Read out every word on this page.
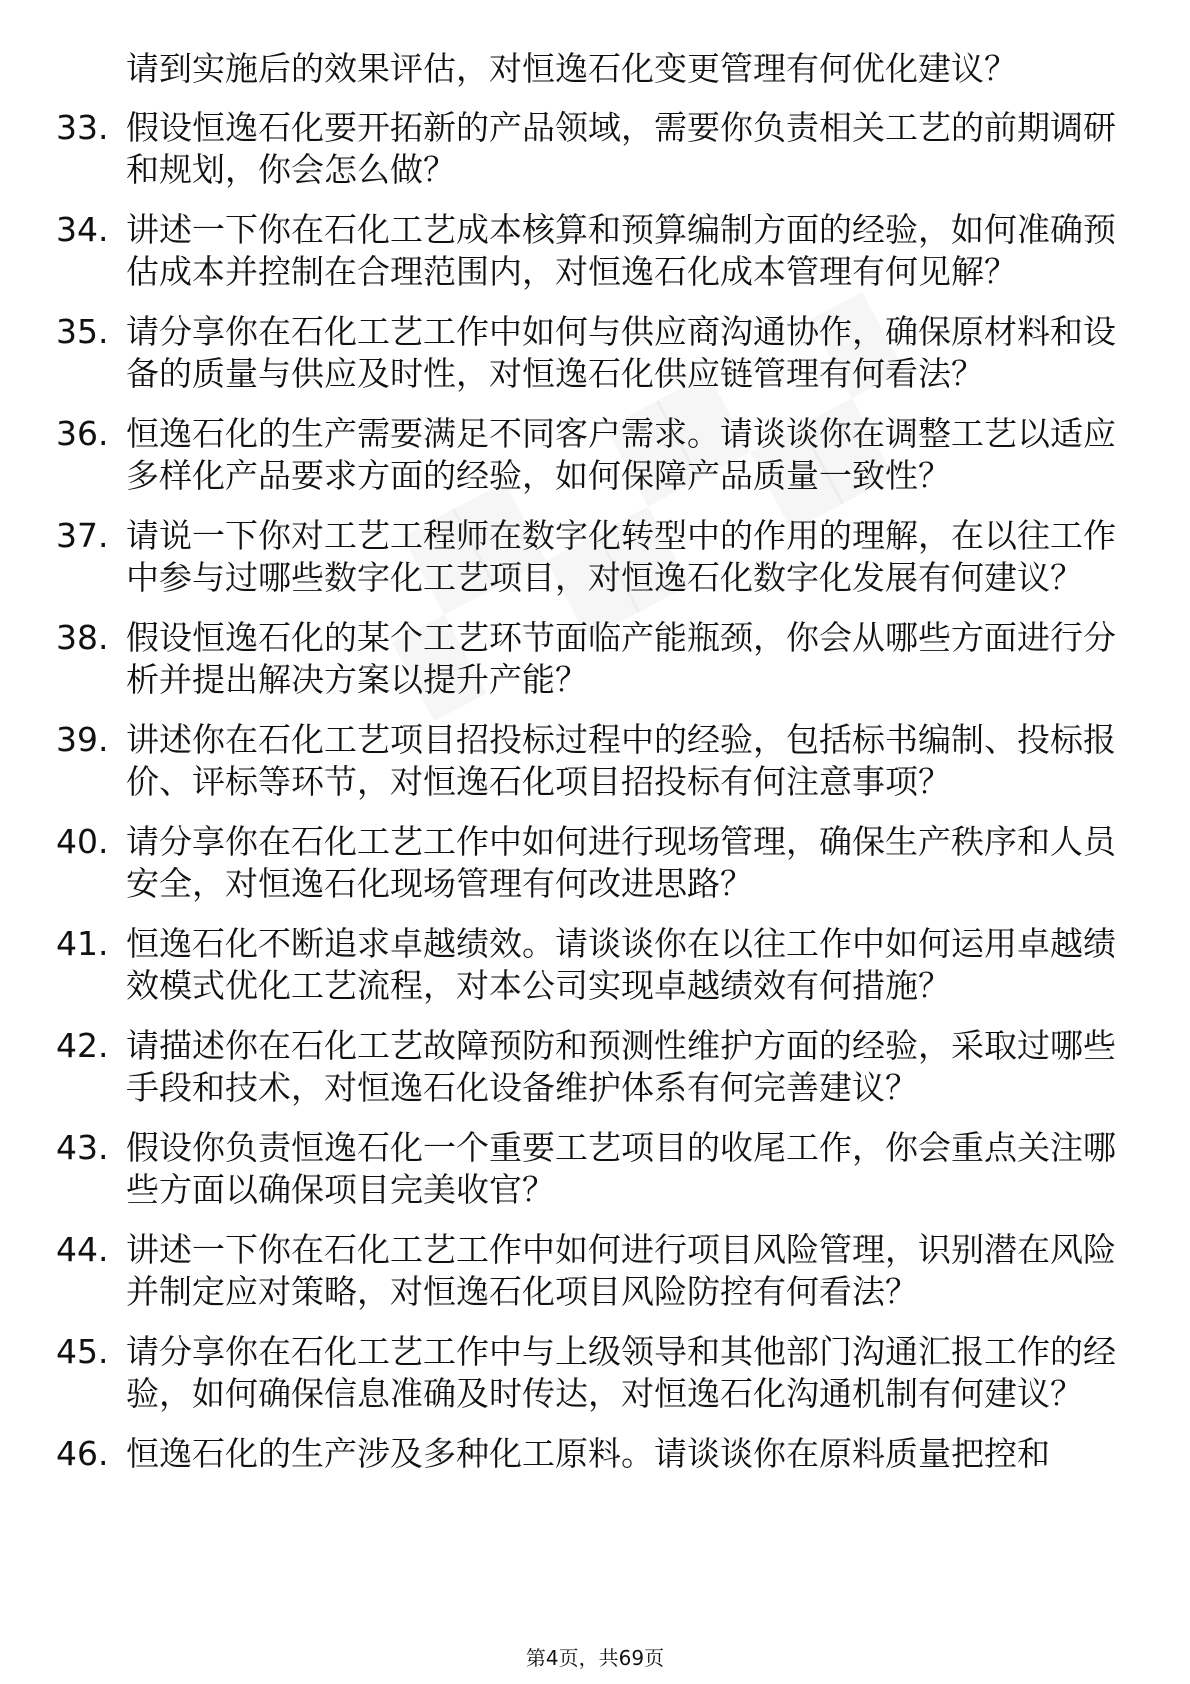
请到实施后的效果评估，对恒逸石化变更管理有何优化建议？
33. 假设恒逸石化要开拓新的产品领域，需要你负责相关工艺的前期调研和规划，你会怎么做？
34. 讲述一下你在石化工艺成本核算和预算编制方面的经验，如何准确预估成本并控制在合理范围内，对恒逸石化成本管理有何见解？
35. 请分享你在石化工艺工作中如何与供应商沟通协作，确保原材料和设备的质量与供应及时性，对恒逸石化供应链管理有何看法？
36. 恒逸石化的生产需要满足不同客户需求。请谈谈你在调整工艺以适应多样化产品要求方面的经验，如何保障产品质量一致性？
37. 请说一下你对工艺工程师在数字化转型中的作用的理解，在以往工作中参与过哪些数字化工艺项目，对恒逸石化数字化发展有何建议？
38. 假设恒逸石化的某个工艺环节面临产能瓶颈，你会从哪些方面进行分析并提出解决方案以提升产能？
39. 讲述你在石化工艺项目招投标过程中的经验，包括标书编制、投标报价、评标等环节，对恒逸石化项目招投标有何注意事项？
40. 请分享你在石化工艺工作中如何进行现场管理，确保生产秩序和人员安全，对恒逸石化现场管理有何改进思路？
41. 恒逸石化不断追求卓越绩效。请谈谈你在以往工作中如何运用卓越绩效模式优化工艺流程，对本公司实现卓越绩效有何措施？
42. 请描述你在石化工艺故障预防和预测性维护方面的经验，采取过哪些手段和技术，对恒逸石化设备维护体系有何完善建议？
43. 假设你负责恒逸石化一个重要工艺项目的收尾工作，你会重点关注哪些方面以确保项目完美收官？
44. 讲述一下你在石化工艺工作中如何进行项目风险管理，识别潜在风险并制定应对策略，对恒逸石化项目风险防控有何看法？
45. 请分享你在石化工艺工作中与上级领导和其他部门沟通汇报工作的经验，如何确保信息准确及时传达，对恒逸石化沟通机制有何建议？
46. 恒逸石化的生产涉及多种化工原料。请谈谈你在原料质量把控和
第4页，共69页
